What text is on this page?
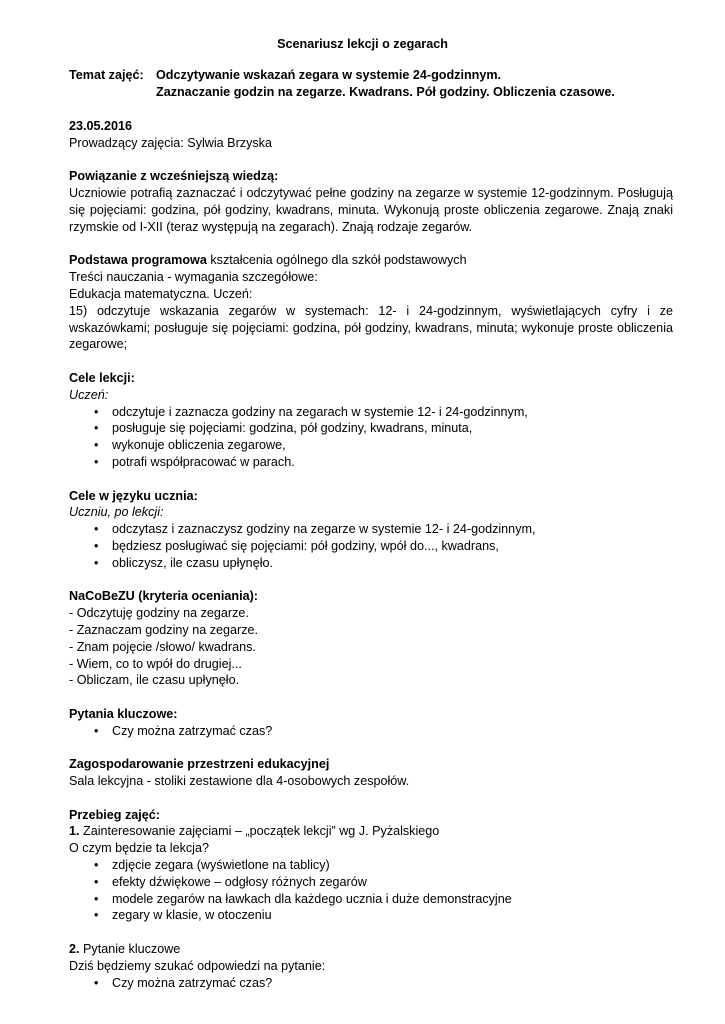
Scenariusz lekcji o zegarach
Temat zajęć: Odczytywanie wskazań zegara w systemie 24-godzinnym.
Zaznaczanie godzin na zegarze. Kwadrans. Pół godziny. Obliczenia czasowe.
23.05.2016
Prowadzący zajęcia: Sylwia Brzyska
Powiązanie z wcześniejszą wiedzą:
Uczniowie potrafią zaznaczać i odczytywać pełne godziny na zegarze w systemie 12-godzinnym. Posługują się pojęciami: godzina, pół godziny, kwadrans, minuta. Wykonują proste obliczenia zegarowe. Znają znaki rzymskie od I-XII (teraz występują na zegarach). Znają rodzaje zegarów.
Podstawa programowa kształcenia ogólnego dla szkół podstawowych
Treści nauczania - wymagania szczegółowe:
Edukacja matematyczna. Uczeń:
15) odczytuje wskazania zegarów w systemach: 12- i 24-godzinnym, wyświetlających cyfry i ze wskazówkami; posługuje się pojęciami: godzina, pół godziny, kwadrans, minuta; wykonuje proste obliczenia zegarowe;
Cele lekcji:
Uczeń:
• odczytuje i zaznacza godziny na zegarach w systemie 12- i 24-godzinnym,
• posługuje się pojęciami: godzina, pół godziny, kwadrans, minuta,
• wykonuje obliczenia zegarowe,
• potrafi współpracować w parach.
Cele w języku ucznia:
Uczniu, po lekcji:
• odczytasz i zaznaczysz godziny na zegarze w systemie 12- i 24-godzinnym,
• będziesz posługiwać się pojęciami: pół godziny, wpół do..., kwadrans,
• obliczysz, ile czasu upłynęło.
NaCoBeZU (kryteria oceniania):
- Odczytuję godziny na zegarze.
- Zaznaczam godziny na zegarze.
- Znam pojęcie /słowo/ kwadrans.
- Wiem, co to wpół do drugiej...
- Obliczam, ile czasu upłynęło.
Pytania kluczowe:
• Czy można zatrzymać czas?
Zagospodarowanie przestrzeni edukacyjnej
Sala lekcyjna - stoliki zestawione dla 4-osobowych zespołów.
Przebieg zajęć:
1. Zainteresowanie zajęciami – „początek lekcji” wg J. Pyżalskiego
O czym będzie ta lekcja?
• zdjęcie zegara (wyświetlone na tablicy)
• efekty dźwiękowe – odgłosy różnych zegarów
• modele zegarów na ławkach dla każdego ucznia i duże demonstracyjne
• zegary w klasie, w otoczeniu
2. Pytanie kluczowe
Dziś będziemy szukać odpowiedzi na pytanie:
• Czy można zatrzymać czas?
